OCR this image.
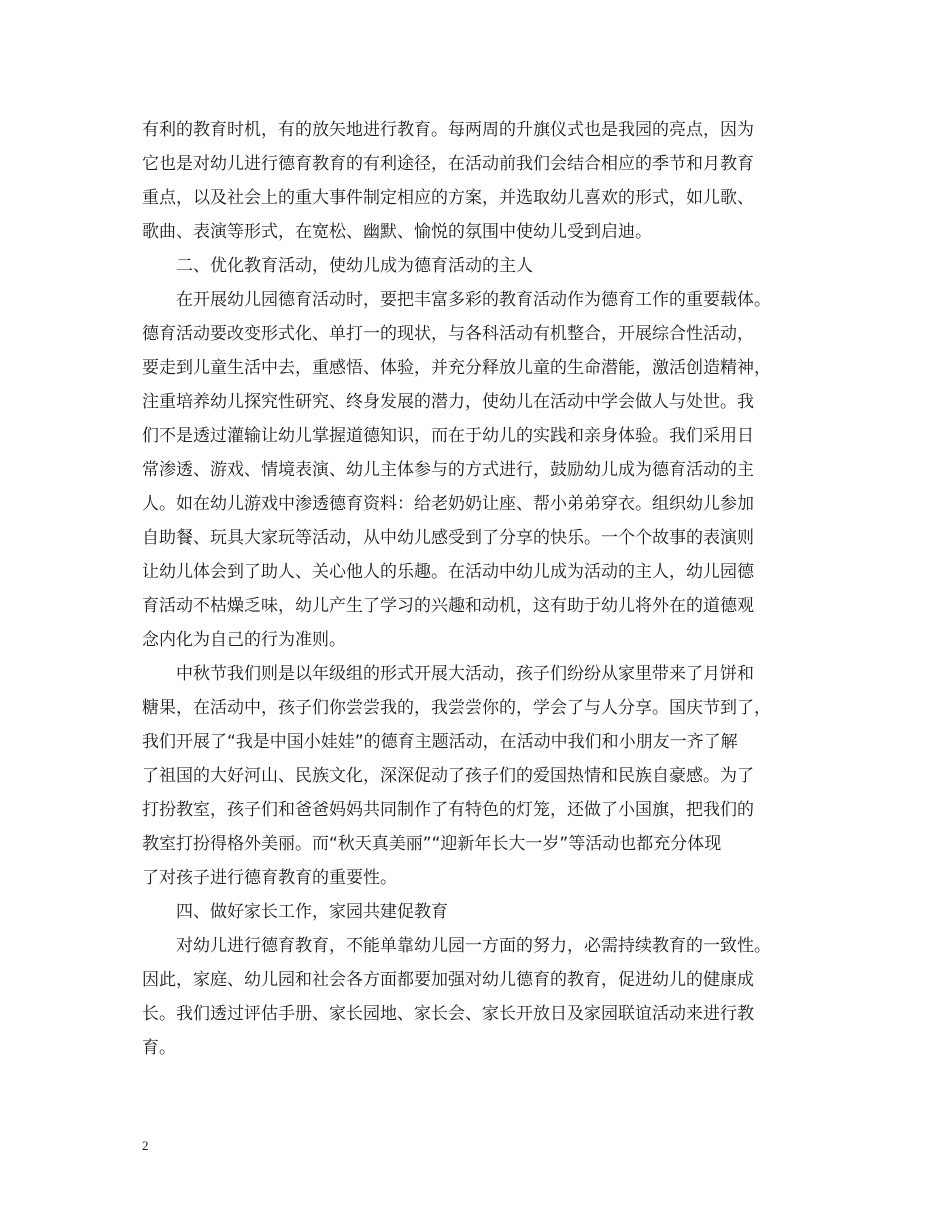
有利的教育时机，有的放矢地进行教育。每两周的升旗仪式也是我园的亮点，因为
它也是对幼儿进行德育教育的有利途径，在活动前我们会结合相应的季节和月教育
重点，以及社会上的重大事件制定相应的方案，并选取幼儿喜欢的形式，如儿歌、
歌曲、表演等形式，在宽松、幽默、愉悦的氛围中使幼儿受到启迪。
二、优化教育活动，使幼儿成为德育活动的主人
在开展幼儿园德育活动时，要把丰富多彩的教育活动作为德育工作的重要载体。
德育活动要改变形式化、单打一的现状，与各科活动有机整合，开展综合性活动，
要走到儿童生活中去，重感悟、体验，并充分释放儿童的生命潜能，激活创造精神，
注重培养幼儿探究性研究、终身发展的潜力，使幼儿在活动中学会做人与处世。我
们不是透过灌输让幼儿掌握道德知识，而在于幼儿的实践和亲身体验。我们采用日
常渗透、游戏、情境表演、幼儿主体参与的方式进行，鼓励幼儿成为德育活动的主
人。如在幼儿游戏中渗透德育资料：给老奶奶让座、帮小弟弟穿衣。组织幼儿参加
自助餐、玩具大家玩等活动，从中幼儿感受到了分享的快乐。一个个故事的表演则
让幼儿体会到了助人、关心他人的乐趣。在活动中幼儿成为活动的主人，幼儿园德
育活动不枯燥乏味，幼儿产生了学习的兴趣和动机，这有助于幼儿将外在的道德观
念内化为自己的行为准则。
中秋节我们则是以年级组的形式开展大活动，孩子们纷纷从家里带来了月饼和
糖果，在活动中，孩子们你尝尝我的，我尝尝你的，学会了与人分享。国庆节到了，
我们开展了“我是中国小娃娃”的德育主题活动，在活动中我们和小朋友一齐了解
了祖国的大好河山、民族文化，深深促动了孩子们的爱国热情和民族自豪感。为了
打扮教室，孩子们和爸爸妈妈共同制作了有特色的灯笼，还做了小国旗，把我们的
教室打扮得格外美丽。而“秋天真美丽”“迎新年长大一岁”等活动也都充分体现
了对孩子进行德育教育的重要性。
四、做好家长工作，家园共建促教育
对幼儿进行德育教育，不能单靠幼儿园一方面的努力，必需持续教育的一致性。
因此，家庭、幼儿园和社会各方面都要加强对幼儿德育的教育，促进幼儿的健康成
长。我们透过评估手册、家长园地、家长会、家长开放日及家园联谊活动来进行教
育。
2
